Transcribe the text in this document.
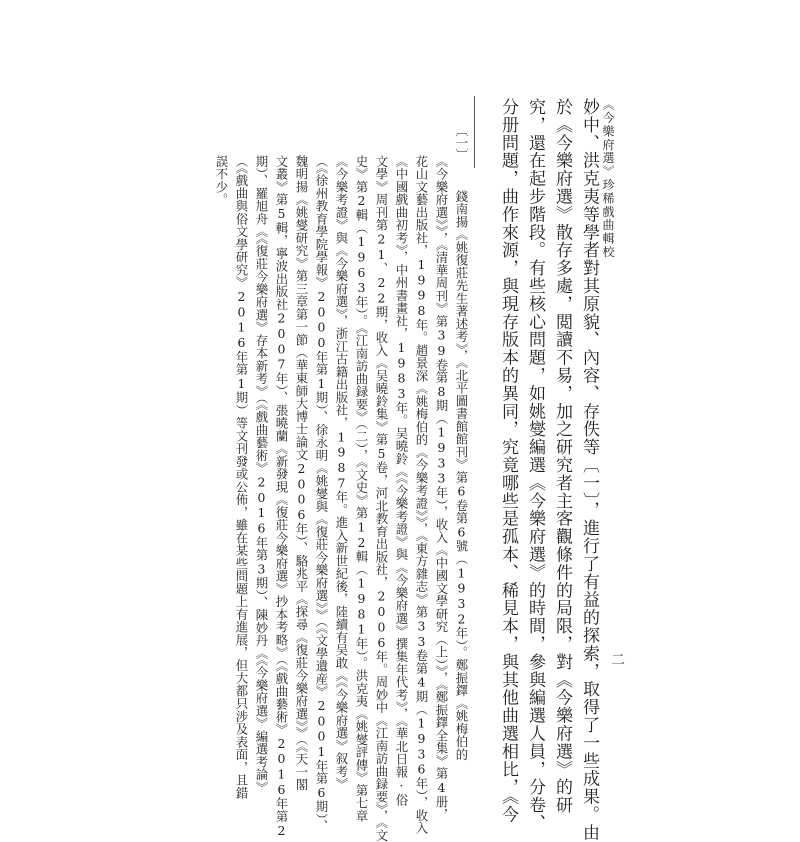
《今樂府選》珍稀戲曲輯校
二
妙中、洪克夷等學者對其原貌、內容、存佚等〔一〕，進行了有益的探索，取得了一些成果。由
於《今樂府選》散存多處，閲讀不易，加之研究者主客觀條件的局限，對《今樂府選》的研
究，還在起步階段。有些核心問題，如姚燮編選《今樂府選》的時間，參與編選人員，分卷、
分册問題，曲作來源，與現存版本的異同，究竟哪些是孤本、稀見本，與其他曲選相比，《今
〔一〕
錢南揚《姚復莊先生著述考》，《北平圖書館館刊》第6卷第6號（1932年）。鄭振鐸《姚梅伯的
《今樂府選》》，《清華周刊》第39卷第8期（1933年），收入《中國文學研究（上）》，《鄭振鐸全集》第4册，
花山文藝出版社，1998年。趙景深《姚梅伯的《今樂考證》》，《東方雜志》第33卷第4期（1936年），收入
《中國戲曲初考》，中州書畫社，1983年。吴曉鈴《《今樂考證》與《今樂府選》撰集年代考》，《華北日報·俗
文學》周刊第21、22期，收入《吴曉鈴集》第5卷，河北教育出版社，2006年。周妙中《江南訪曲録要》，《文
史》第2輯（1963年）。《江南訪曲録要》（二），《文史》第12輯（1981年）。洪克夷《姚燮評傳》第七章
《今樂考證》與《今樂府選》，浙江古籍出版社，1987年。進入新世紀後，陸續有吴敢《《今樂府選》叙考》
（《徐州教育學院學報》2000年第1期）、徐永明《姚燮與《復莊今樂府選》》（《文學遺産》2001年第6期）、
魏明揚《姚燮研究》第三章第一節（華東師大博士論文2006年）、駱兆平《探尋《復莊今樂府選》》（《天一閣
文叢》第5輯，寧波出版社2007年）、張曉蘭《新發現《復莊今樂府選》抄本考略》（《戲曲藝術》2016年第2
期）、羅旭舟《《復莊今樂府選》存本新考》（《戲曲藝術》2016年第3期）、陳妙丹《《今樂府選》編選考論》
（《戲曲與俗文學研究》2016年第1期）等文刊發或公佈，雖在某些問題上有進展，但大都只涉及表面，且錯
誤不少。
